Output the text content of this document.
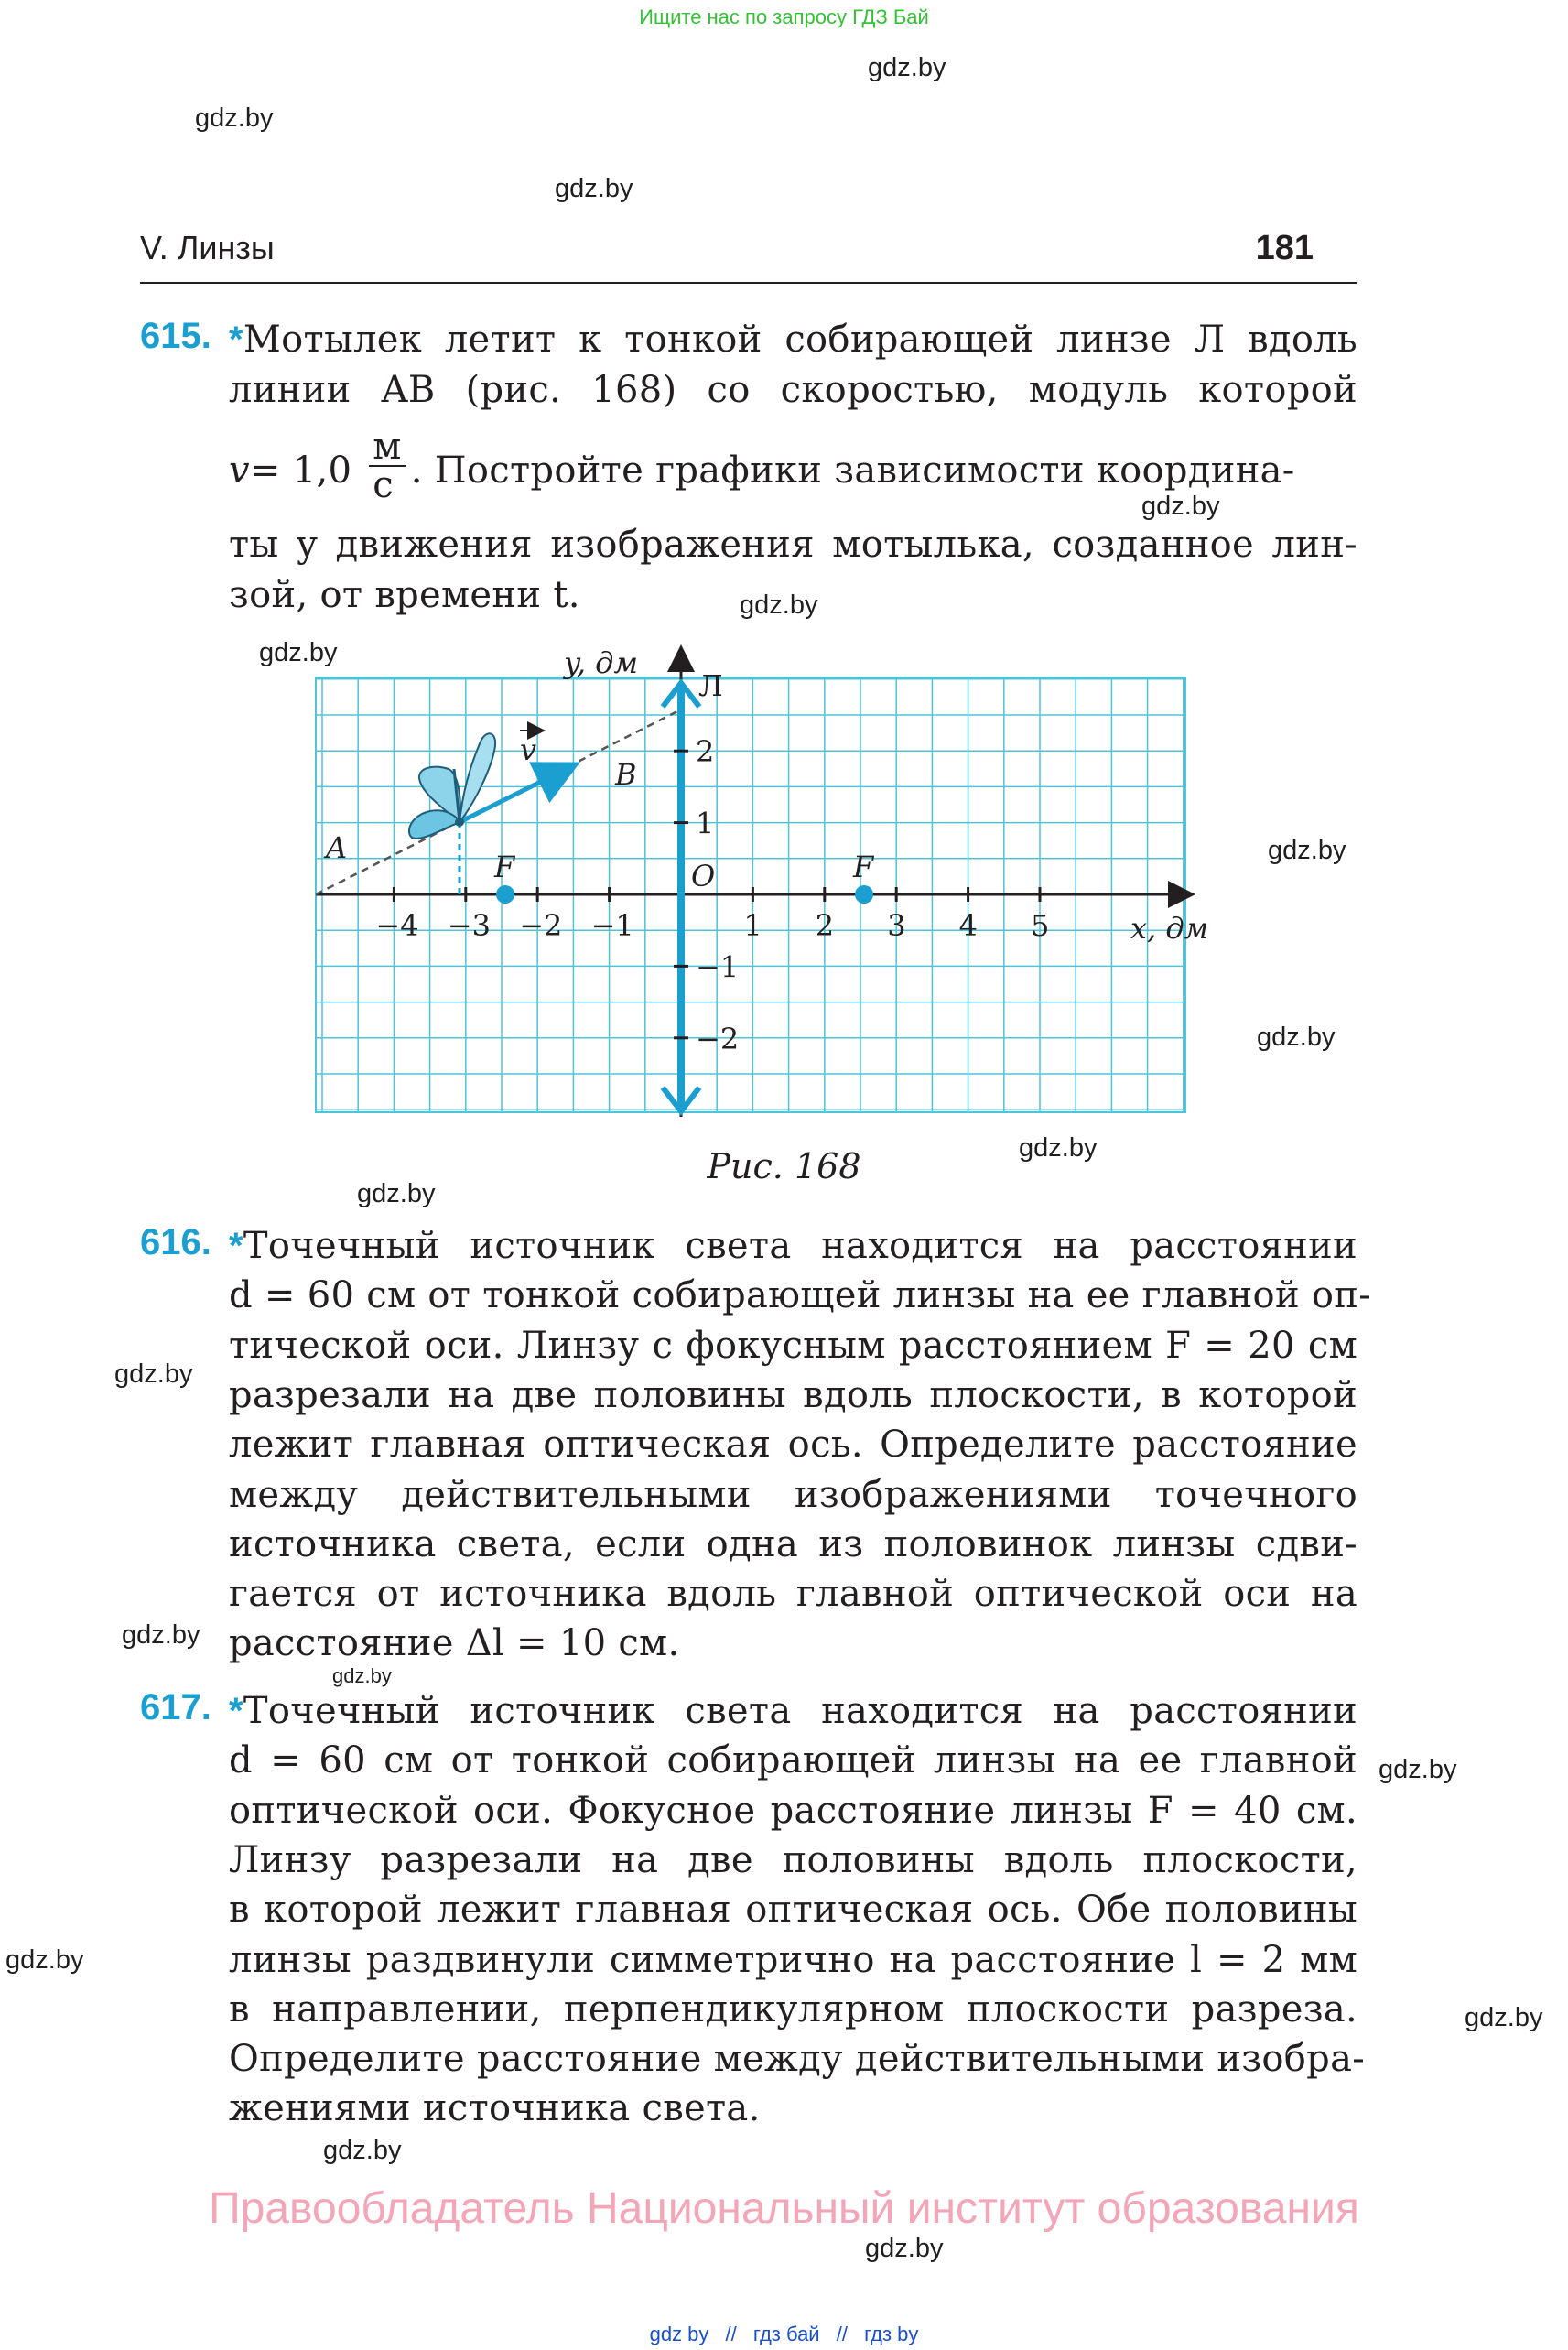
Ищите нас по запросу ГДЗ Бай
gdz.by
gdz.by
gdz.by
gdz.by
gdz.by
gdz.by
gdz.by
gdz.by
gdz.by
gdz.by
gdz.by
gdz.by
gdz.by
gdz.by
gdz.by
gdz.by
gdz.by
gdz.by
V. Линзы	181
615. *Мотылек летит к тонкой собирающей линзе Л вдоль
линии AB (рис. 168) со скоростью, модуль которой
v= 1,0
м
с . Постройте графики зависимости координа-
ты y движения изображения мотылька, созданное лин-
зой, от времени t.
y, дм
x, дм
Л
O
F	F
A
B
v
−4 −3 −2 −1	1 2 3 4 5
2
1
−1
−2
Рис. 168
616. *Точечный источник света находится на расстоянии
d = 60 см от тонкой собирающей линзы на ее главной оп-
тической оси. Линзу с фокусным расстоянием F = 20 см
разрезали на две половины вдоль плоскости, в которой
лежит главная оптическая ось. Определите расстояние
между действительными изображениями точечного
источника света, если одна из половинок линзы сдви-
гается от источника вдоль главной оптической оси на
расстояние Δl = 10 см.
617. *Точечный источник света находится на расстоянии
d = 60 см от тонкой собирающей линзы на ее главной
оптической оси. Фокусное расстояние линзы F = 40 см.
Линзу разрезали на две половины вдоль плоскости,
в которой лежит главная оптическая ось. Обе половины
линзы раздвинули симметрично на расстояние l = 2 мм
в направлении, перпендикулярном плоскости разреза.
Определите расстояние между действительными изобра-
жениями источника света.
Правообладатель Национальный институт образования
gdz by // гдз бай // гдз by
